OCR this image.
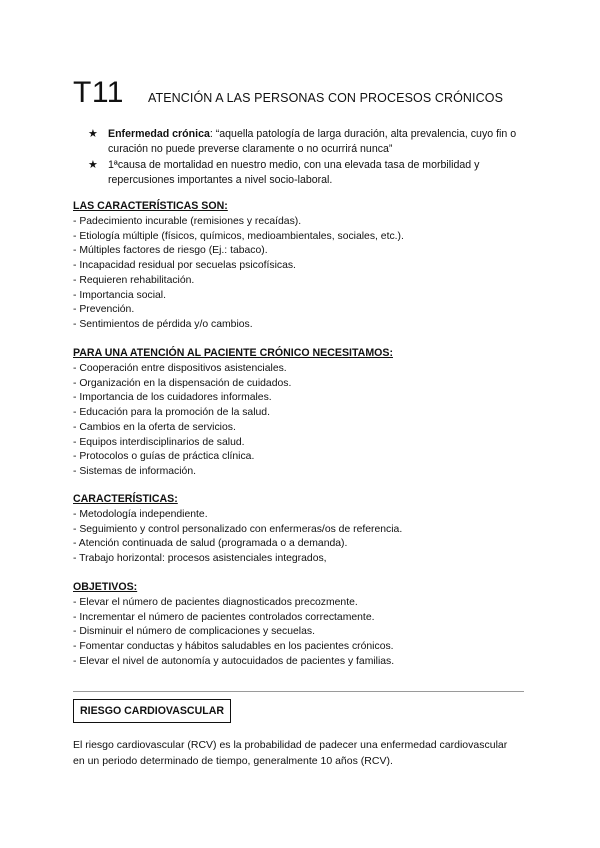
T11 ATENCIÓN A LAS PERSONAS CON PROCESOS CRÓNICOS
★ Enfermedad crónica: “aquella patología de larga duración, alta prevalencia, cuyo fin o curación no puede preverse claramente o no ocurrirá nunca”
★ 1ªcausa de mortalidad en nuestro medio, con una elevada tasa de morbilidad y repercusiones importantes a nivel socio-laboral.
LAS CARACTERÍSTICAS SON:
- Padecimiento incurable (remisiones y recaídas).
- Etiología múltiple (físicos, químicos, medioambientales, sociales, etc.).
- Múltiples factores de riesgo (Ej.: tabaco).
- Incapacidad residual por secuelas psicofísicas.
- Requieren rehabilitación.
- Importancia social.
- Prevención.
- Sentimientos de pérdida y/o cambios.
PARA UNA ATENCIÓN AL PACIENTE CRÓNICO NECESITAMOS:
- Cooperación entre dispositivos asistenciales.
- Organización en la dispensación de cuidados.
- Importancia de los cuidadores informales.
- Educación para la promoción de la salud.
- Cambios en la oferta de servicios.
- Equipos interdisciplinarios de salud.
- Protocolos o guías de práctica clínica.
- Sistemas de información.
CARACTERÍSTICAS:
- Metodología independiente.
- Seguimiento y control personalizado con enfermeras/os de referencia.
- Atención continuada de salud (programada o a demanda).
- Trabajo horizontal: procesos asistenciales integrados,
OBJETIVOS:
- Elevar el número de pacientes diagnosticados precozmente.
- Incrementar el número de pacientes controlados correctamente.
- Disminuir el número de complicaciones y secuelas.
- Fomentar conductas y hábitos saludables en los pacientes crónicos.
- Elevar el nivel de autonomía y autocuidados de pacientes y familias.
RIESGO CARDIOVASCULAR

El riesgo cardiovascular (RCV) es la probabilidad de padecer una enfermedad cardiovascular en un periodo determinado de tiempo, generalmente 10 años (RCV).
